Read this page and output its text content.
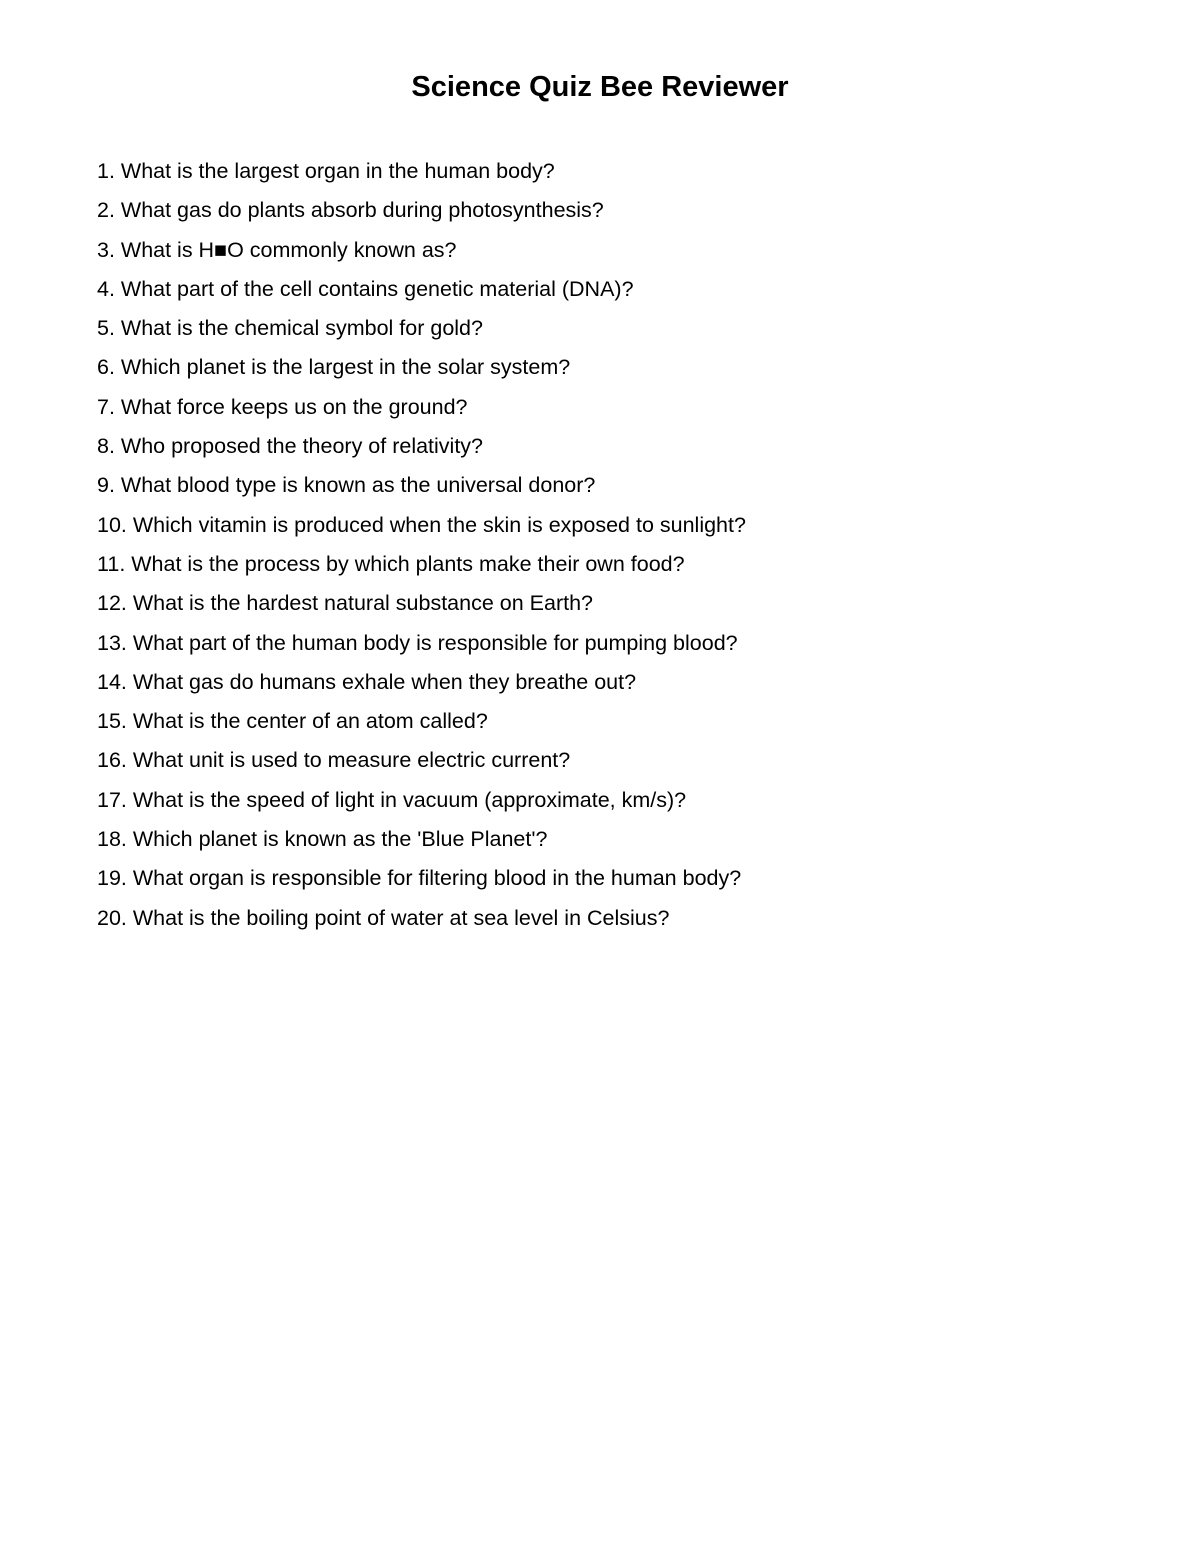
Science Quiz Bee Reviewer
1. What is the largest organ in the human body?
2. What gas do plants absorb during photosynthesis?
3. What is H■O commonly known as?
4. What part of the cell contains genetic material (DNA)?
5. What is the chemical symbol for gold?
6. Which planet is the largest in the solar system?
7. What force keeps us on the ground?
8. Who proposed the theory of relativity?
9. What blood type is known as the universal donor?
10. Which vitamin is produced when the skin is exposed to sunlight?
11. What is the process by which plants make their own food?
12. What is the hardest natural substance on Earth?
13. What part of the human body is responsible for pumping blood?
14. What gas do humans exhale when they breathe out?
15. What is the center of an atom called?
16. What unit is used to measure electric current?
17. What is the speed of light in vacuum (approximate, km/s)?
18. Which planet is known as the 'Blue Planet'?
19. What organ is responsible for filtering blood in the human body?
20. What is the boiling point of water at sea level in Celsius?
